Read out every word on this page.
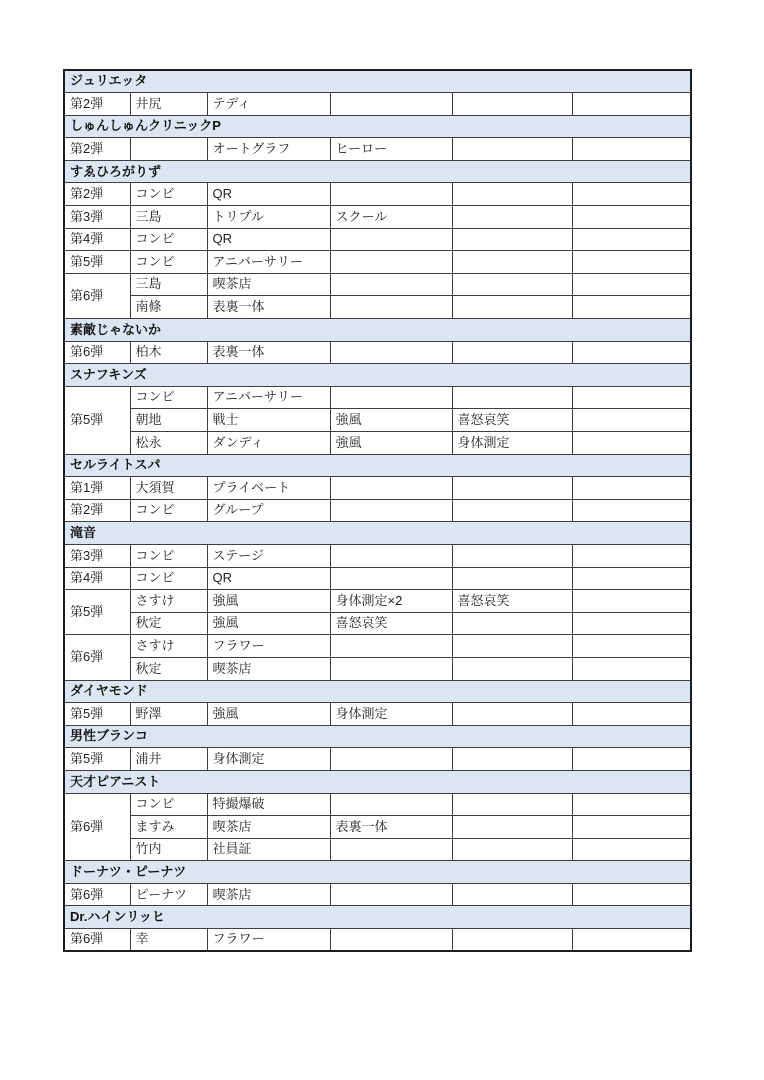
ジュリエッタ					
第2弾	井尻	テディ			
しゅんしゅんクリニックP					
第2弾		オートグラフ	ヒーロー		
すゑひろがりず					
第2弾	コンビ	QR			
第3弾	三島	トリプル	スクール		
第4弾	コンビ	QR			
第5弾	コンビ	アニバーサリー			
第6弾	三島	喫茶店			
	南條	表裏一体			
素敵じゃないか					
第6弾	柏木	表裏一体			
スナフキンズ					
第5弾	コンビ	アニバーサリー			
	朝地	戦士	強風	喜怒哀笑	
	松永	ダンディ	強風	身体測定	
セルライトスパ					
第1弾	大須賀	プライベート			
第2弾	コンビ	グループ			
滝音					
第3弾	コンビ	ステージ			
第4弾	コンビ	QR			
第5弾	さすけ	強風	身体測定×2	喜怒哀笑	
	秋定	強風	喜怒哀笑		
第6弾	さすけ	フラワー			
	秋定	喫茶店			
ダイヤモンド					
第5弾	野澤	強風	身体測定		
男性ブランコ					
第5弾	浦井	身体測定			
天才ピアニスト					
第6弾	コンビ	特撮爆破			
	ますみ	喫茶店	表裏一体		
	竹内	社員証			
ドーナツ・ピーナツ					
第6弾	ピーナツ	喫茶店			
Dr.ハインリッヒ					
第6弾	幸	フラワー			
